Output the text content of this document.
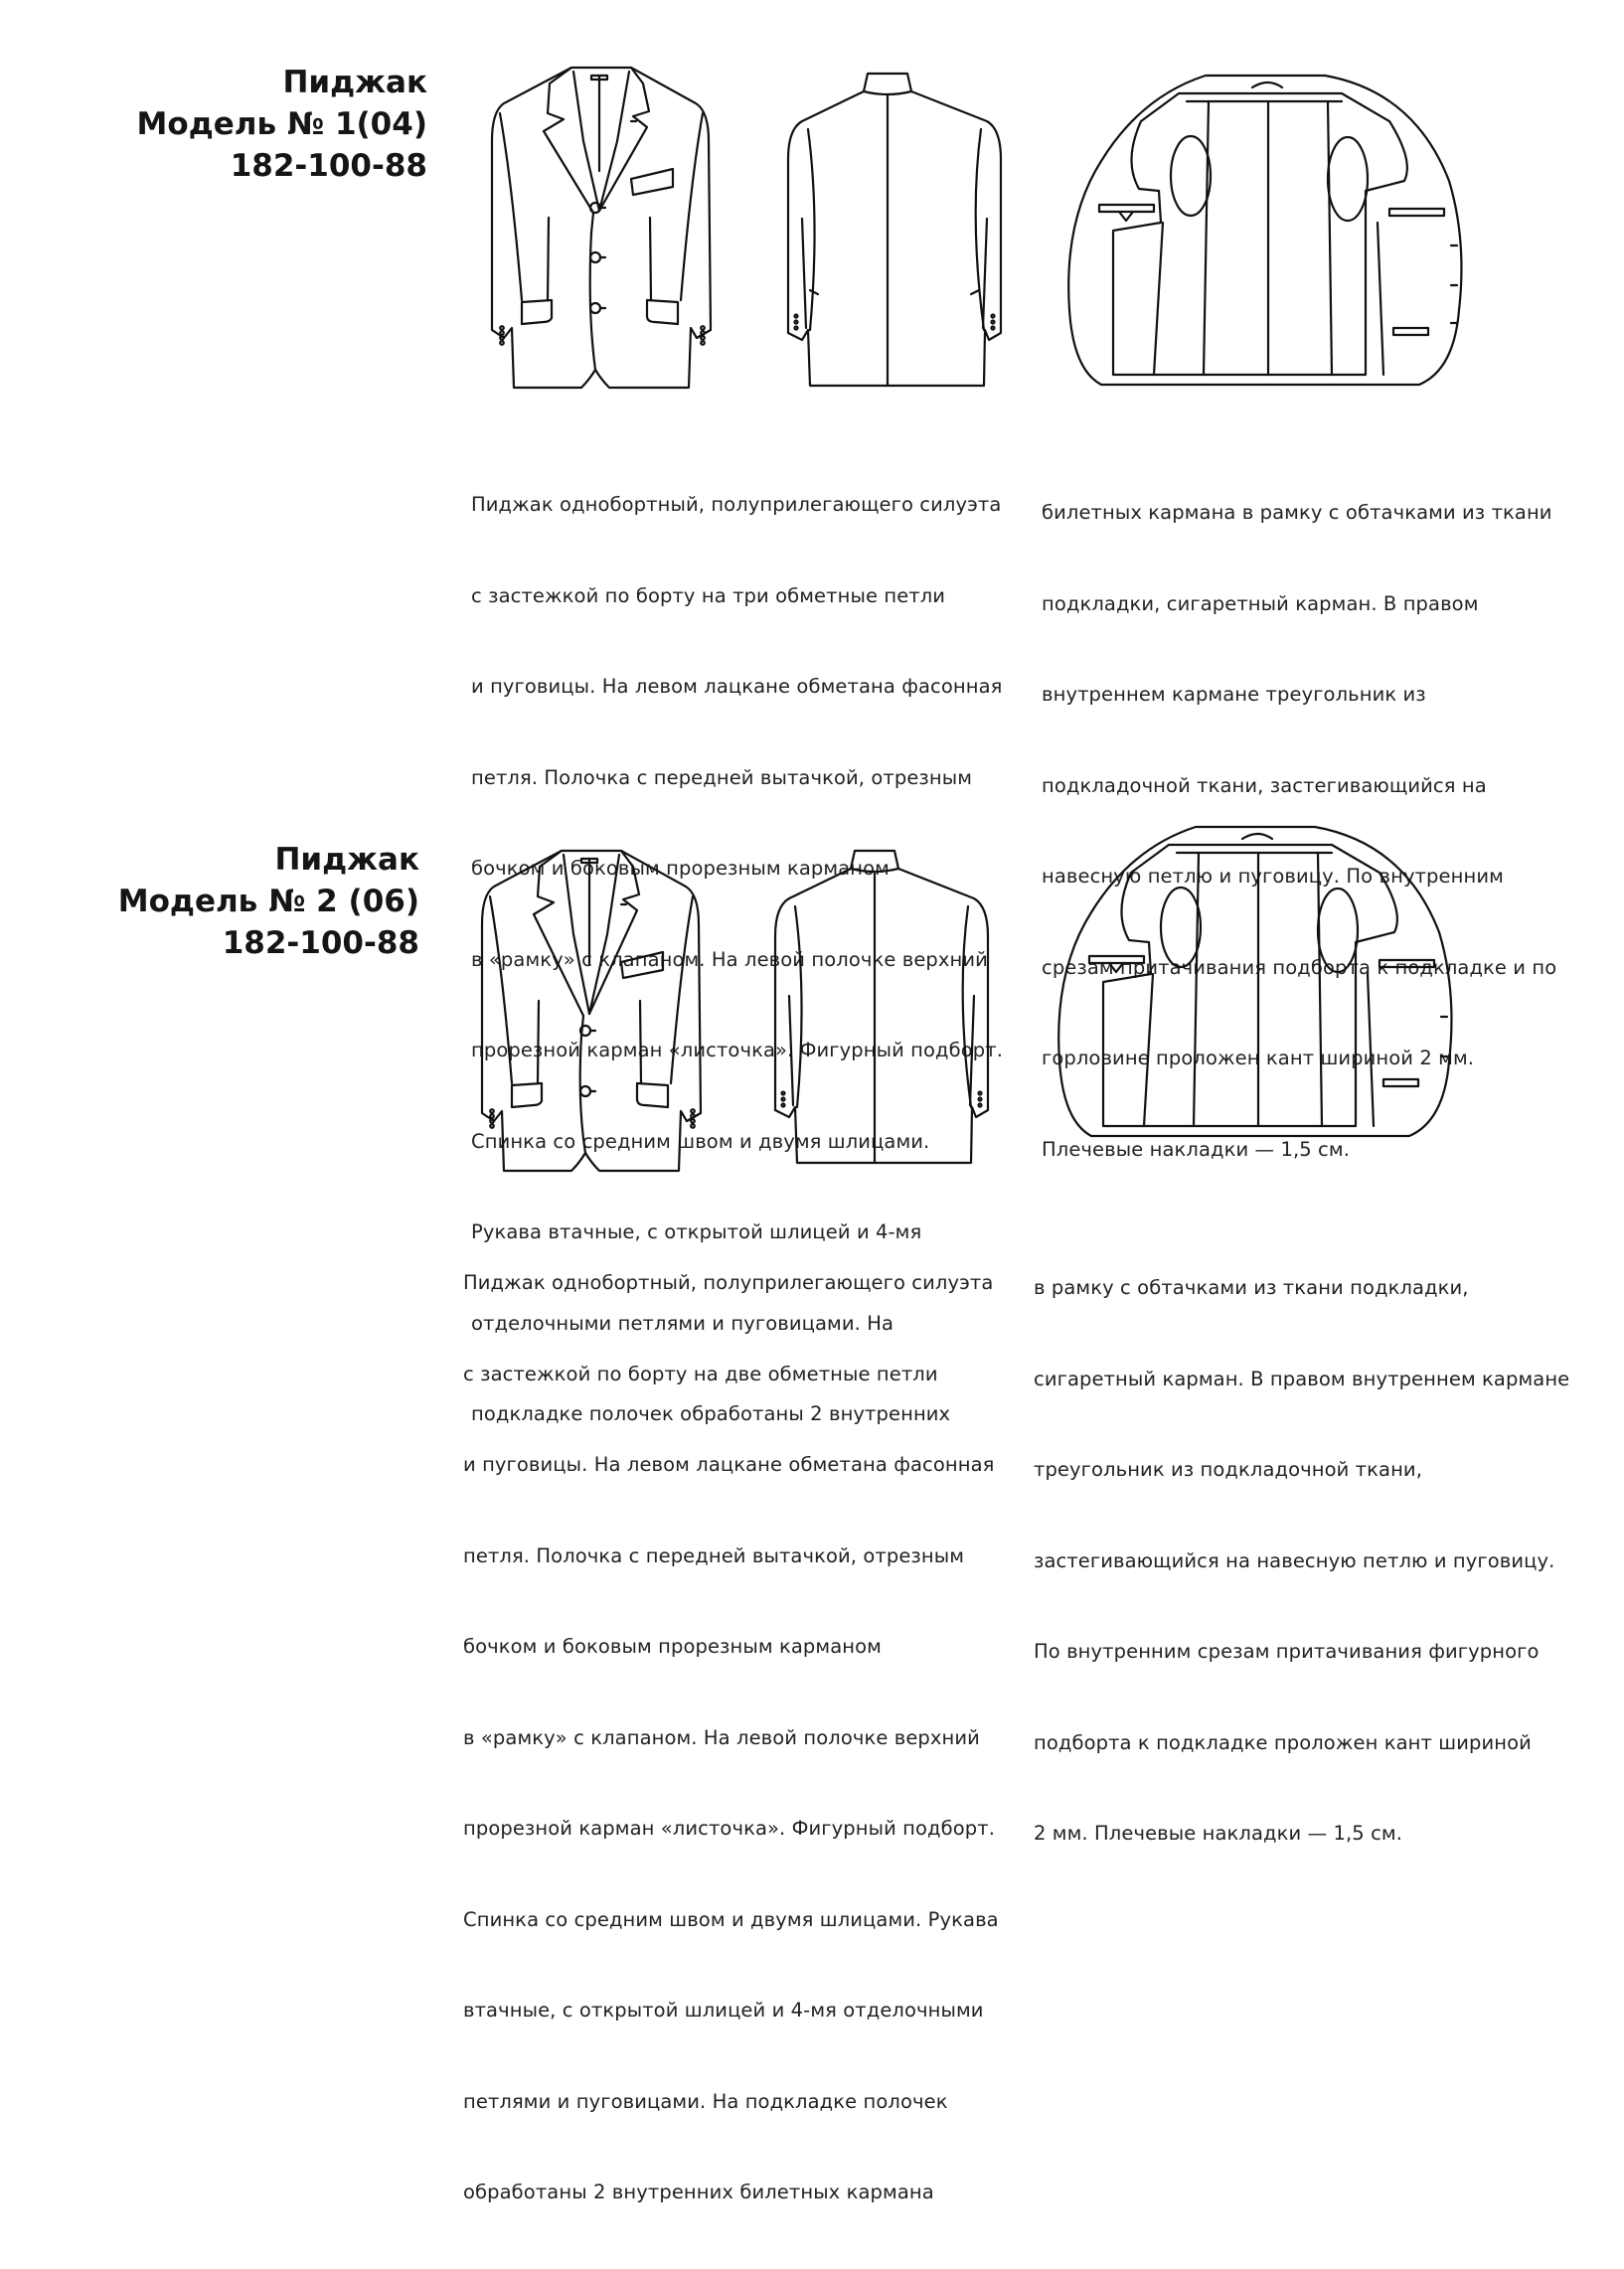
Пиджак
Модель № 1(04)
182-100-88

Пиджак однобортный, полуприлегающего силуэта

с застежкой по борту на три обметные петли

и пуговицы. На левом лацкане обметана фасонная

петля. Полочка с передней вытачкой, отрезным

бочком и боковым прорезным карманом

в «рамку» с клапаном. На левой полочке верхний

прорезной карман «листочка». Фигурный подборт.

Спинка со средним швом и двумя шлицами.

Рукава втачные, с открытой шлицей и 4-мя

отделочными петлями и пуговицами. На

подкладке полочек обработаны 2 внутренних

билетных кармана в рамку с обтачками из ткани

подкладки, сигаретный карман. В правом

внутреннем кармане треугольник из

подкладочной ткани, застегивающийся на

навесную петлю и пуговицу. По внутренним

срезам притачивания подборта к подкладке и по

горловине проложен кант шириной 2 мм.

Плечевые накладки — 1,5 см.

Пиджак
Модель № 2 (06)
182-100-88

Пиджак однобортный, полуприлегающего силуэта

с застежкой по борту на две обметные петли

и пуговицы. На левом лацкане обметана фасонная

петля. Полочка с передней вытачкой, отрезным

бочком и боковым прорезным карманом

в «рамку» с клапаном. На левой полочке верхний

прорезной карман «листочка». Фигурный подборт.

Спинка со средним швом и двумя шлицами. Рукава

втачные, с открытой шлицей и 4-мя отделочными

петлями и пуговицами. На подкладке полочек

обработаны 2 внутренних билетных кармана

в рамку с обтачками из ткани подкладки,

сигаретный карман. В правом внутреннем кармане

треугольник из подкладочной ткани,

застегивающийся на навесную петлю и пуговицу.

По внутренним срезам притачивания фигурного

подборта к подкладке проложен кант шириной

2 мм. Плечевые накладки — 1,5 см.
